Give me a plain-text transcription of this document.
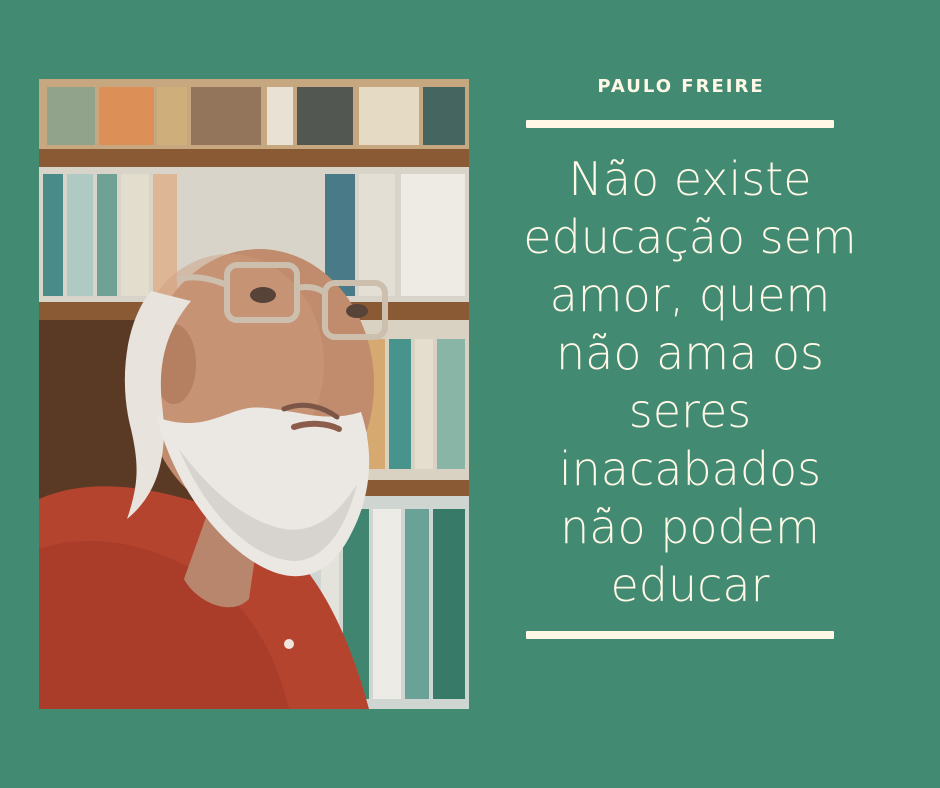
PAULO FREIRE
Não existe
educação sem
amor, quem
não ama os
seres
inacabados
não podem
educar
